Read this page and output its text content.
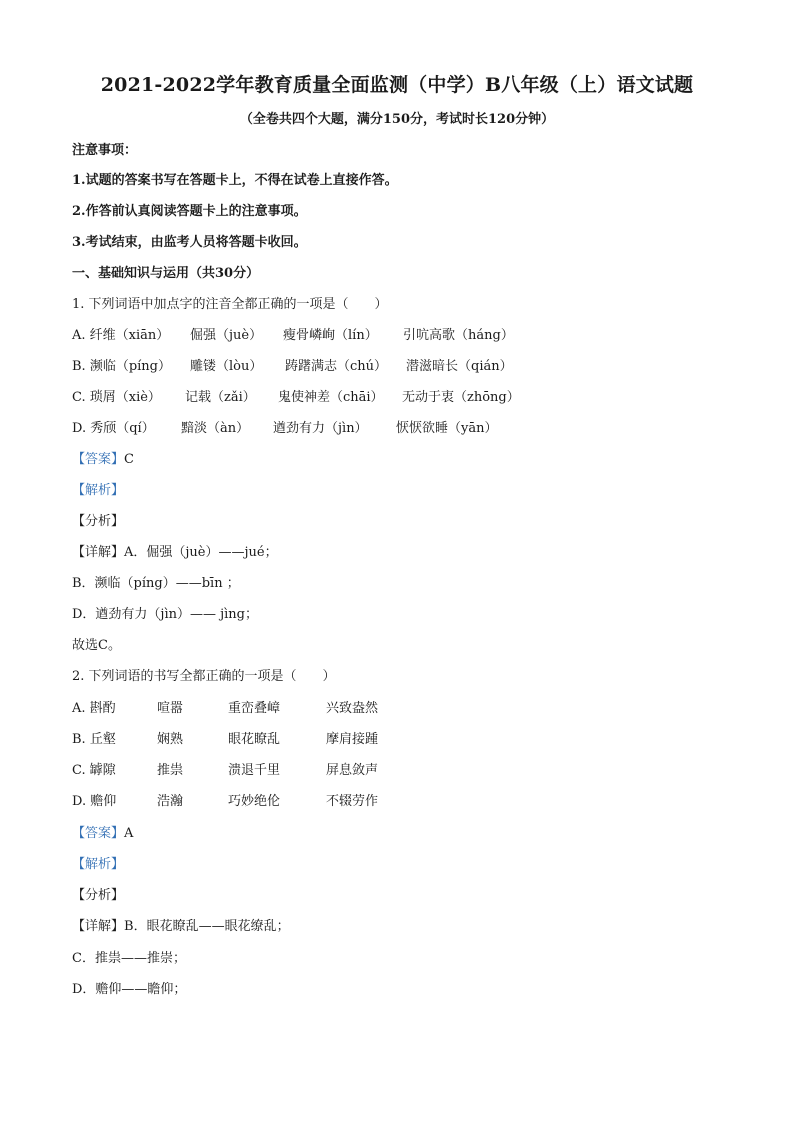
2021-2022学年教育质量全面监测（中学）B八年级（上）语文试题
（全卷共四个大题，满分150分，考试时长120分钟）
注意事项：
1.试题的答案书写在答题卡上，不得在试卷上直接作答。
2.作答前认真阅读答题卡上的注意事项。
3.考试结束，由监考人员将答题卡收回。
一、基础知识与运用（共30分）
1. 下列词语中加点字的注音全都正确的一项是（　　）
A. 纤维（xiān） 倔强（juè） 瘦骨嶙峋（lín） 引吭高歌（háng）
B. 濒临（píng） 雕镂（lòu） 踌躇满志（chú） 潜滋暗长（qián）
C. 琐屑（xiè） 记载（zǎi） 鬼使神差（chāi） 无动于衷（zhōng）
D. 秀颀（qí） 黯淡（àn） 遒劲有力（jìn） 恹恹欲睡（yān）
【答案】C
【解析】
【分析】
【详解】A．倔强（juè）——jué；
B．濒临（píng）——bīn ；
D．遒劲有力（jìn）—— jìng；
故选C。
2. 下列词语的书写全都正确的一项是（　　）
A. 斟酌	喧嚣	重峦叠嶂	兴致盎然
B. 丘壑	娴熟	眼花瞭乱	摩肩接踵
C. 罅隙	推祟	溃退千里	屏息敛声
D. 赡仰	浩瀚	巧妙绝伦	不辍劳作
【答案】A
【解析】
【分析】
【详解】B．眼花瞭乱——眼花缭乱；
C．推祟——推崇；
D．赡仰——瞻仰；
